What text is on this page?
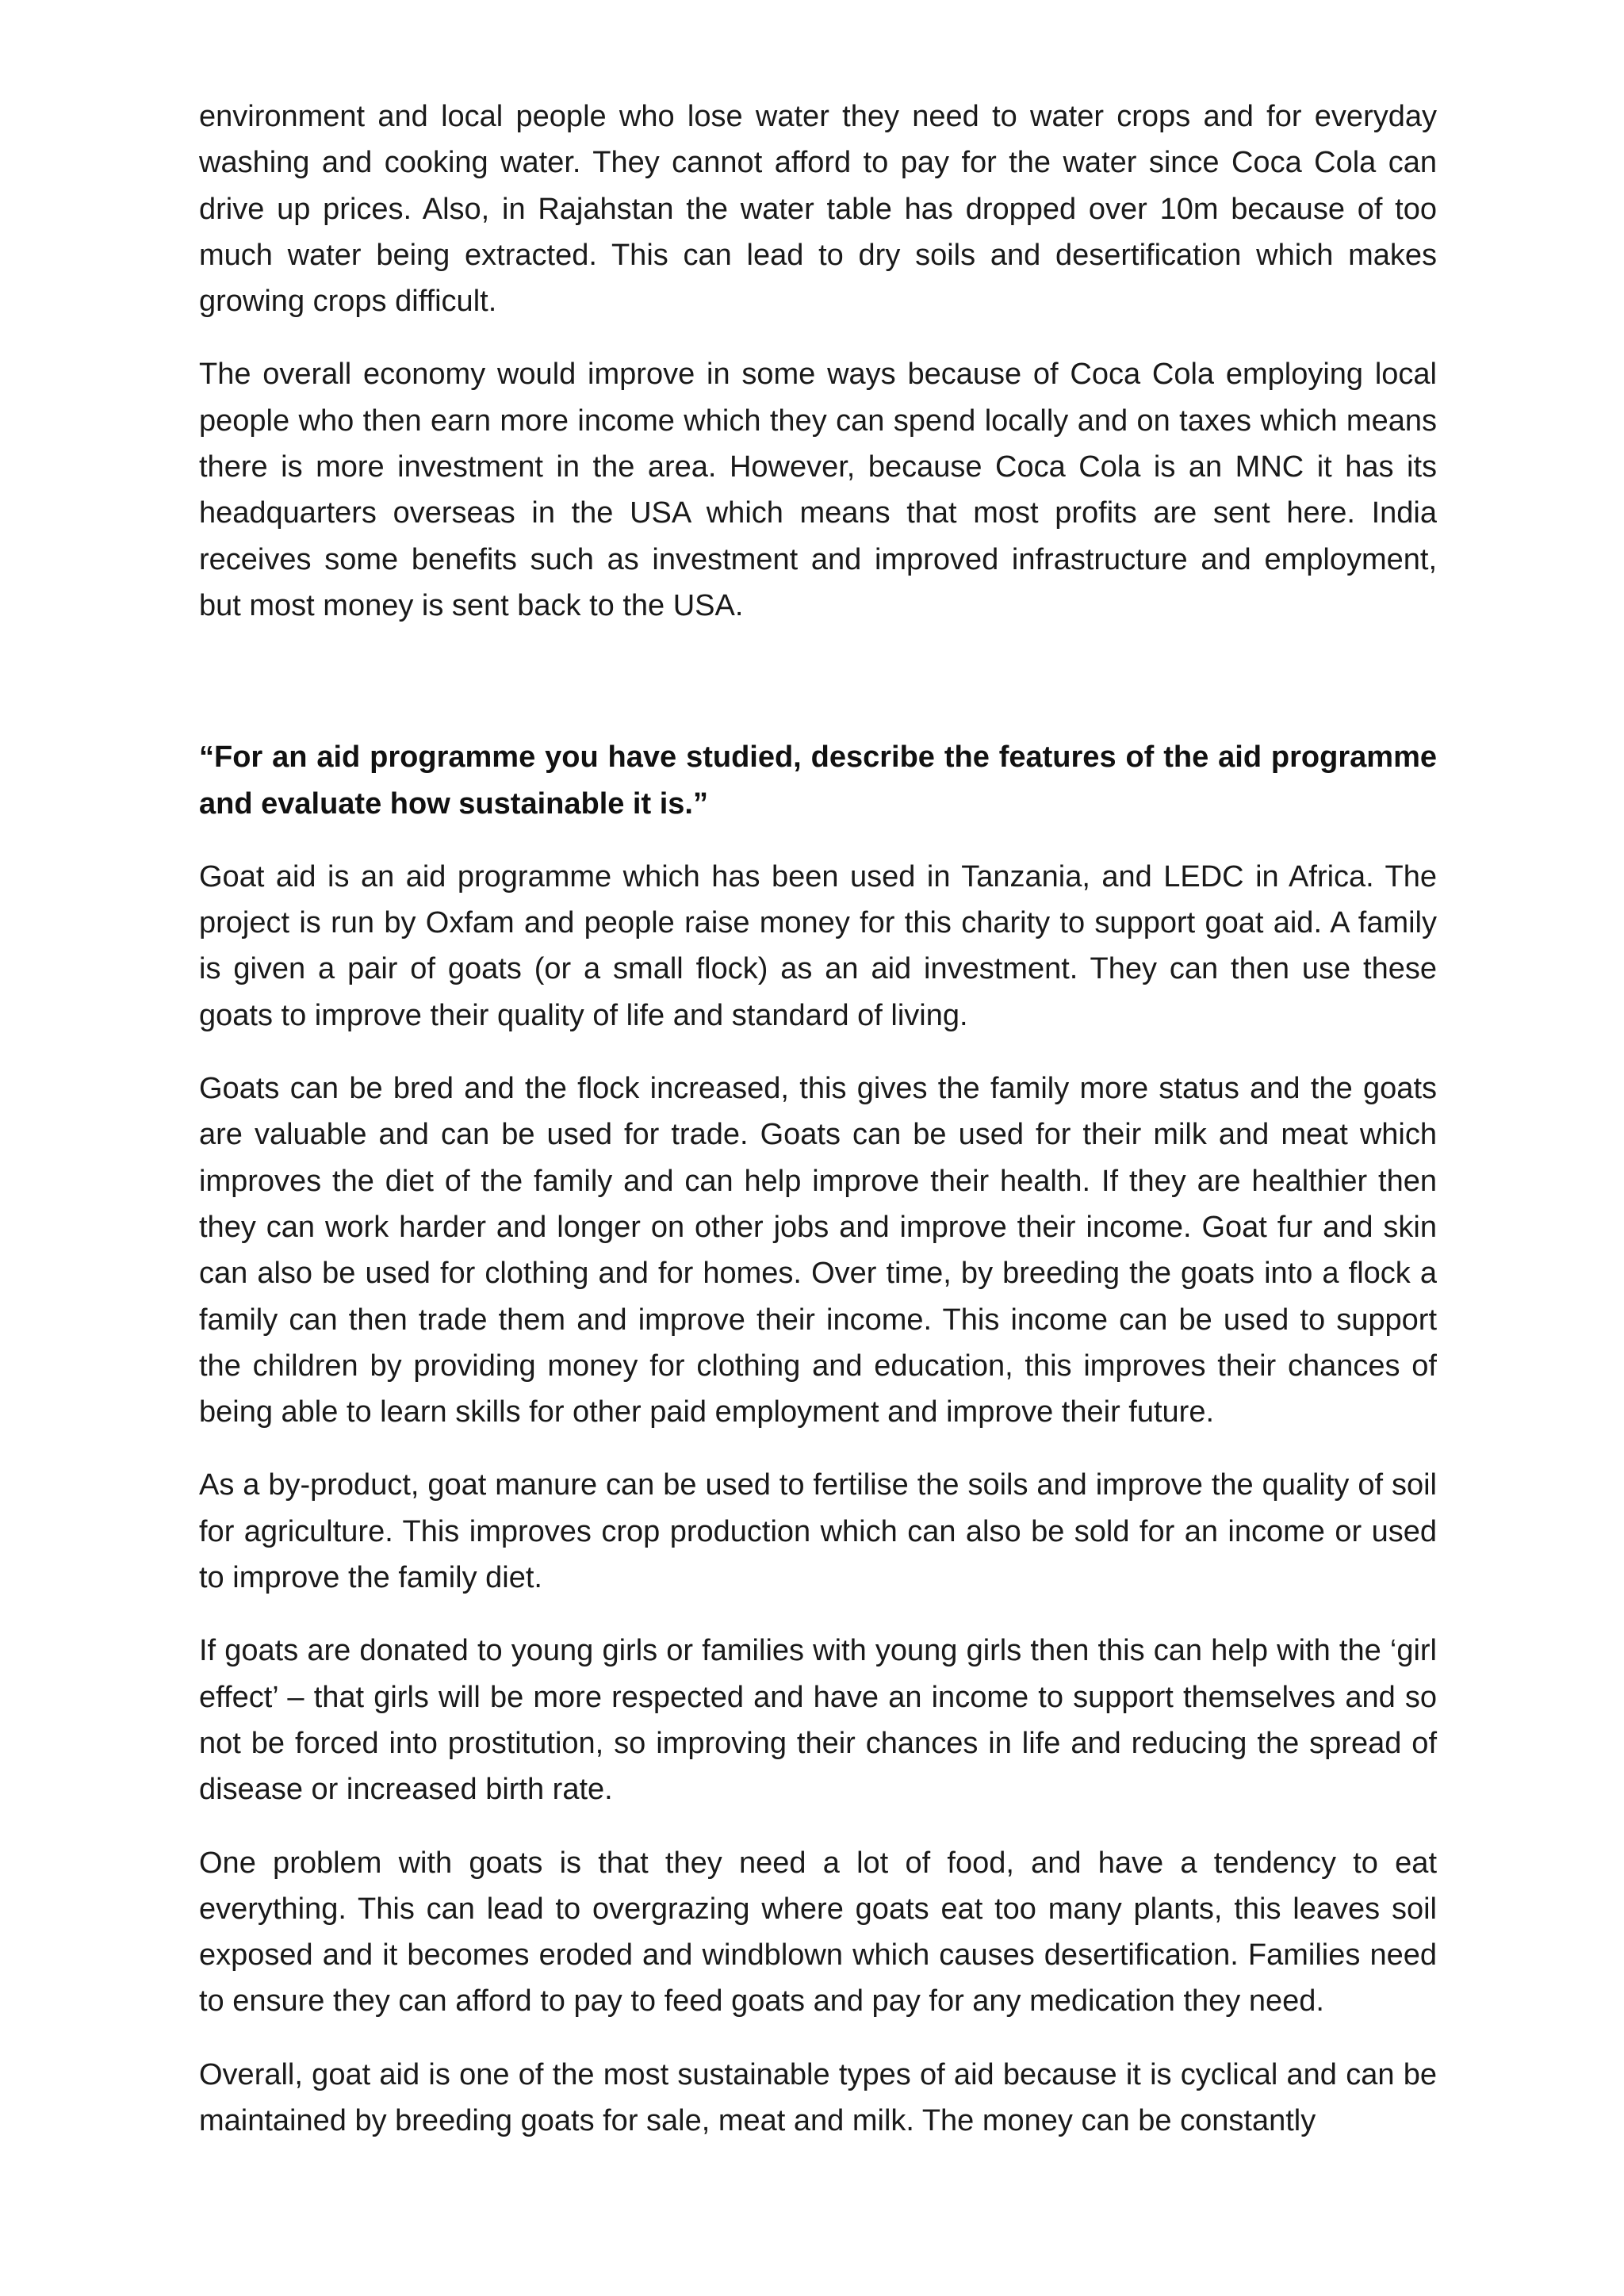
environment and local people who lose water they need to water crops and for everyday washing and cooking water. They cannot afford to pay for the water since Coca Cola can drive up prices. Also, in Rajahstan the water table has dropped over 10m because of too much water being extracted. This can lead to dry soils and desertification which makes growing crops difficult.

The overall economy would improve in some ways because of Coca Cola employing local people who then earn more income which they can spend locally and on taxes which means there is more investment in the area. However, because Coca Cola is an MNC it has its headquarters overseas in the USA which means that most profits are sent here. India receives some benefits such as investment and improved infrastructure and employment, but most money is sent back to the USA.

“For an aid programme you have studied, describe the features of the aid programme and evaluate how sustainable it is.”

Goat aid is an aid programme which has been used in Tanzania, and LEDC in Africa. The project is run by Oxfam and people raise money for this charity to support goat aid. A family is given a pair of goats (or a small flock) as an aid investment. They can then use these goats to improve their quality of life and standard of living.

Goats can be bred and the flock increased, this gives the family more status and the goats are valuable and can be used for trade. Goats can be used for their milk and meat which improves the diet of the family and can help improve their health. If they are healthier then they can work harder and longer on other jobs and improve their income. Goat fur and skin can also be used for clothing and for homes. Over time, by breeding the goats into a flock a family can then trade them and improve their income. This income can be used to support the children by providing money for clothing and education, this improves their chances of being able to learn skills for other paid employment and improve their future.

As a by-product, goat manure can be used to fertilise the soils and improve the quality of soil for agriculture. This improves crop production which can also be sold for an income or used to improve the family diet.

If goats are donated to young girls or families with young girls then this can help with the ‘girl effect’ – that girls will be more respected and have an income to support themselves and so not be forced into prostitution, so improving their chances in life and reducing the spread of disease or increased birth rate.

One problem with goats is that they need a lot of food, and have a tendency to eat everything. This can lead to overgrazing where goats eat too many plants, this leaves soil exposed and it becomes eroded and windblown which causes desertification. Families need to ensure they can afford to pay to feed goats and pay for any medication they need.

Overall, goat aid is one of the most sustainable types of aid because it is cyclical and can be maintained by breeding goats for sale, meat and milk. The money can be constantly
